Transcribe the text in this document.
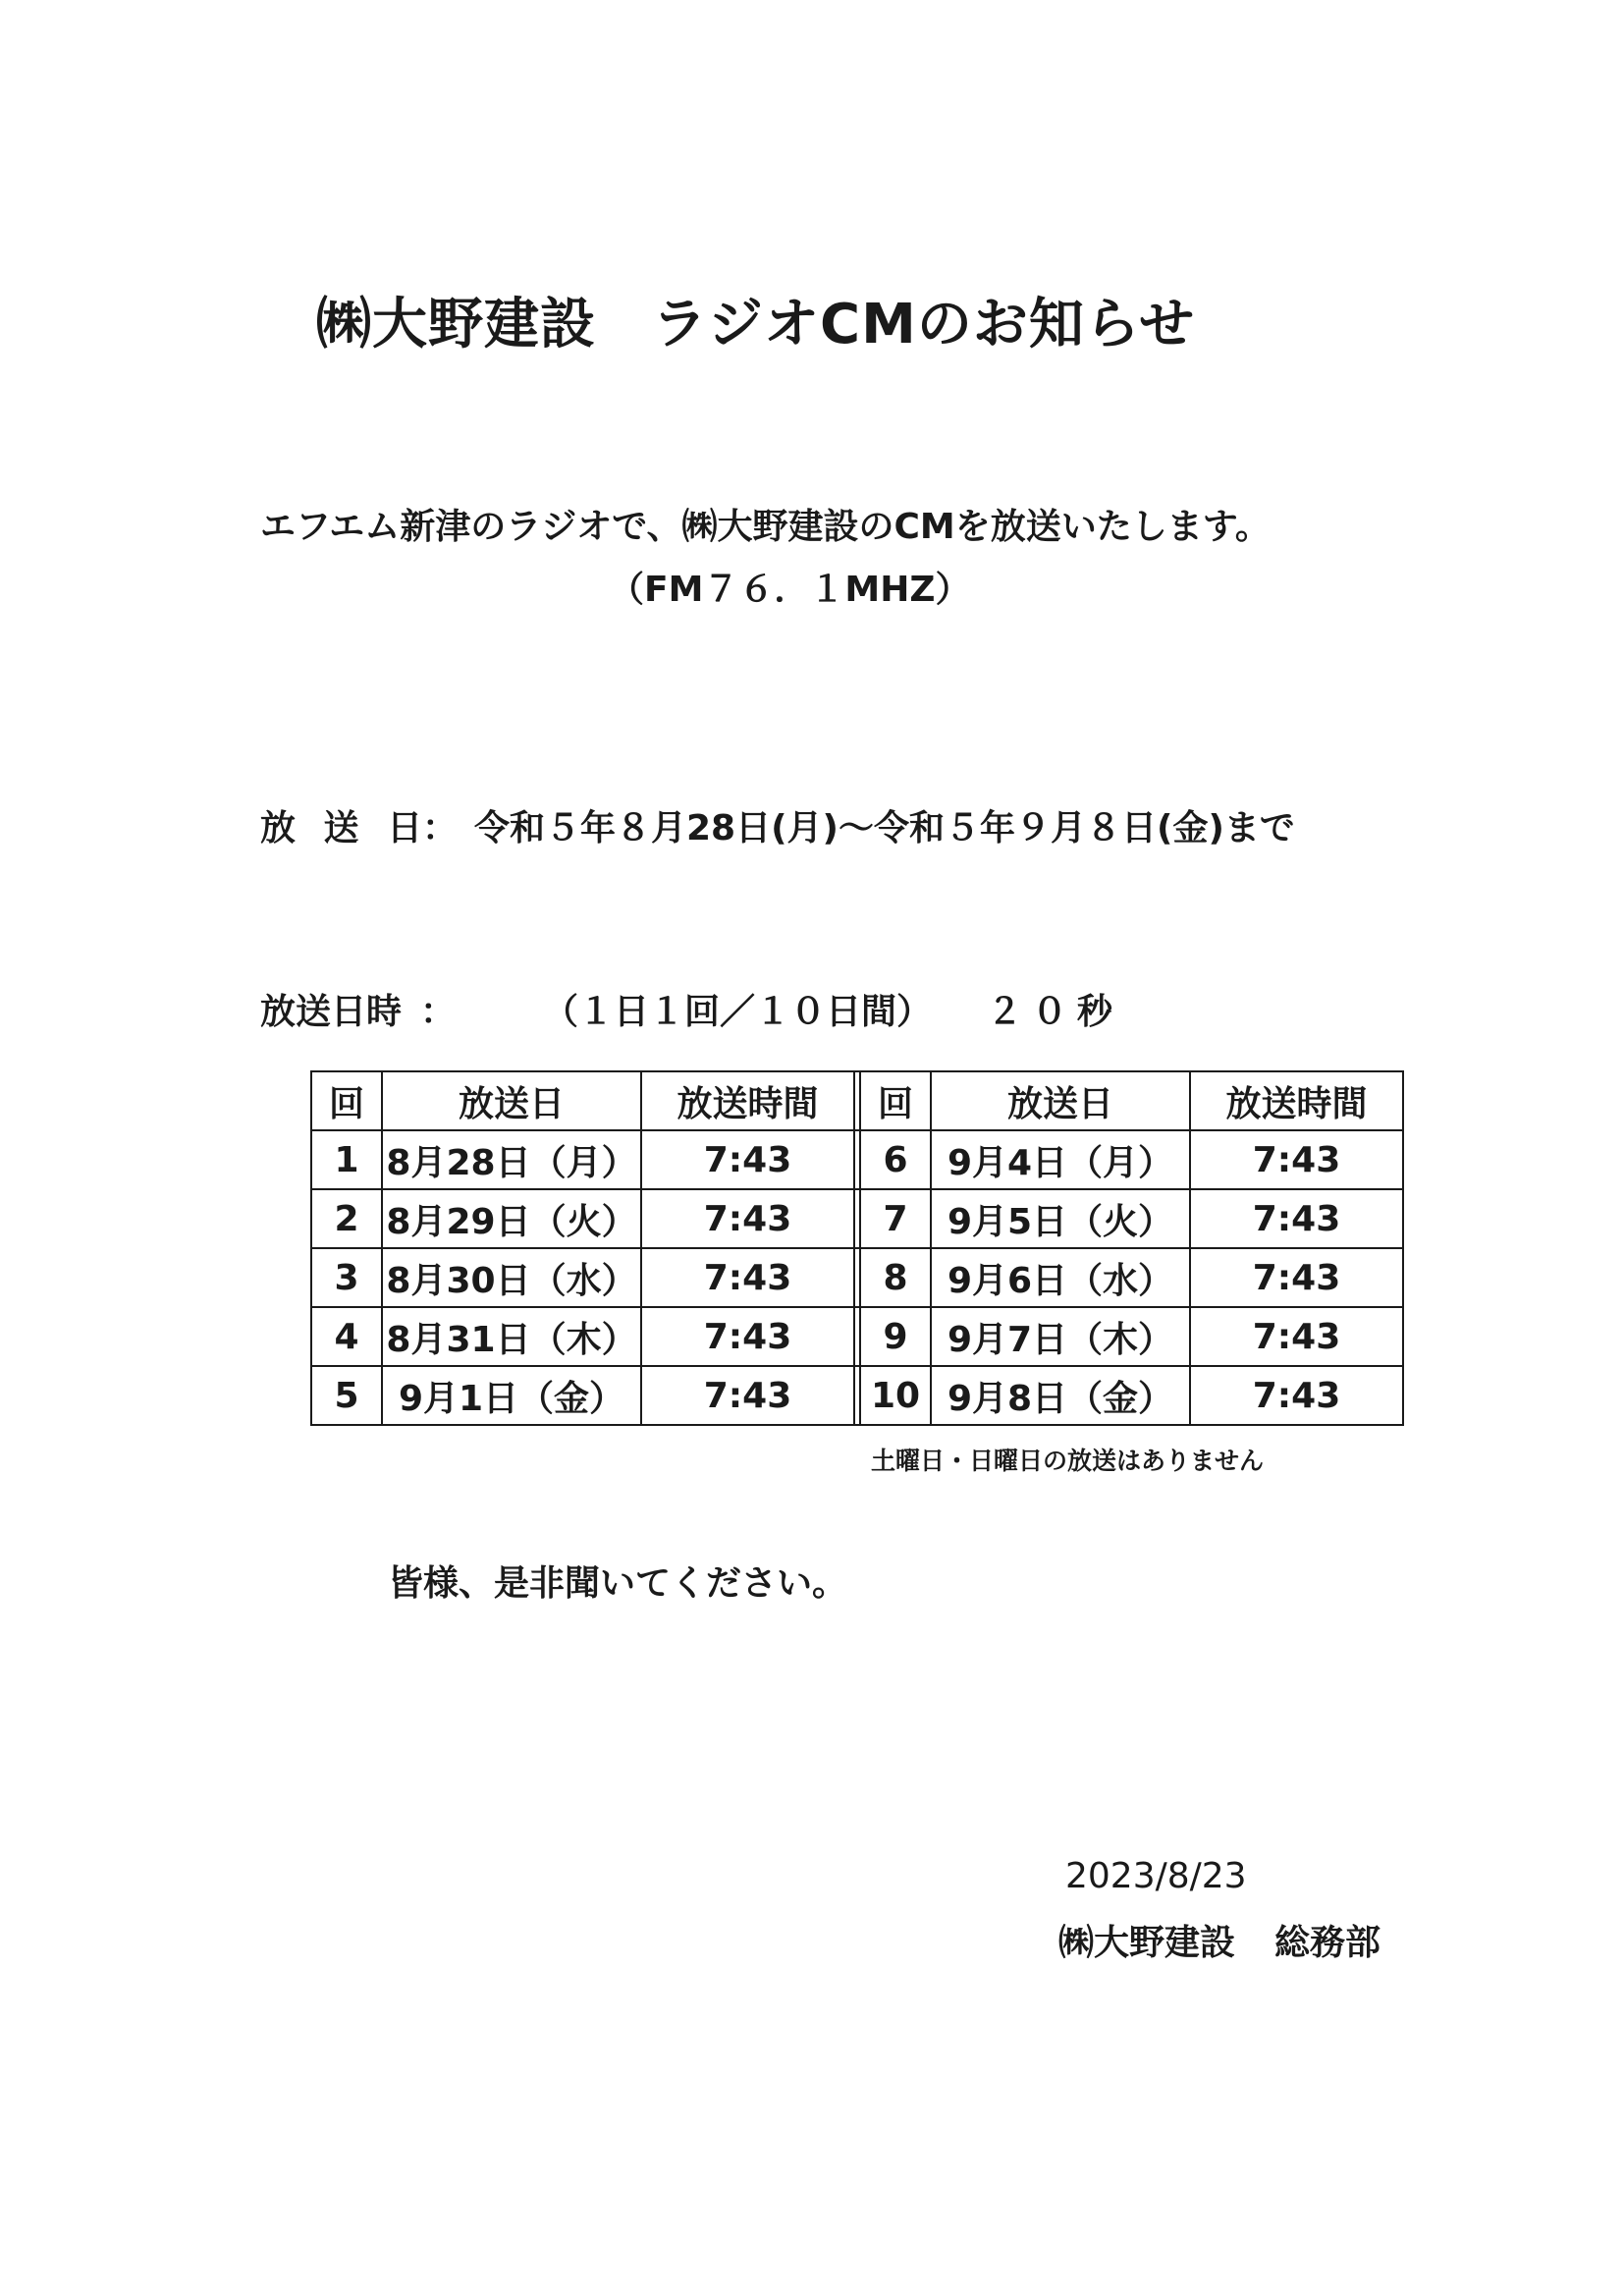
㈱大野建設　ラジオCMのお知らせ
エフエム新津のラジオで、㈱大野建設のCMを放送いたします。
（FM７６．１MHZ）
放 送 日
： 令和５年８月28日(月)～令和５年９月８日(金)まで
放送日時 ： （１日１回／１０日間） ２０秒
回	放送日	放送時間		回	放送日	放送時間
1	8月28日（月）	7:43		6	9月4日（月）	7:43
2	8月29日（火）	7:43		7	9月5日（火）	7:43
3	8月30日（水）	7:43		8	9月6日（水）	7:43
4	8月31日（木）	7:43		9	9月7日（木）	7:43
5	9月1日（金）	7:43		10	9月8日（金）	7:43
土曜日・日曜日の放送はありません
皆様、是非聞いてください。
2023/8/23
㈱大野建設 総務部
